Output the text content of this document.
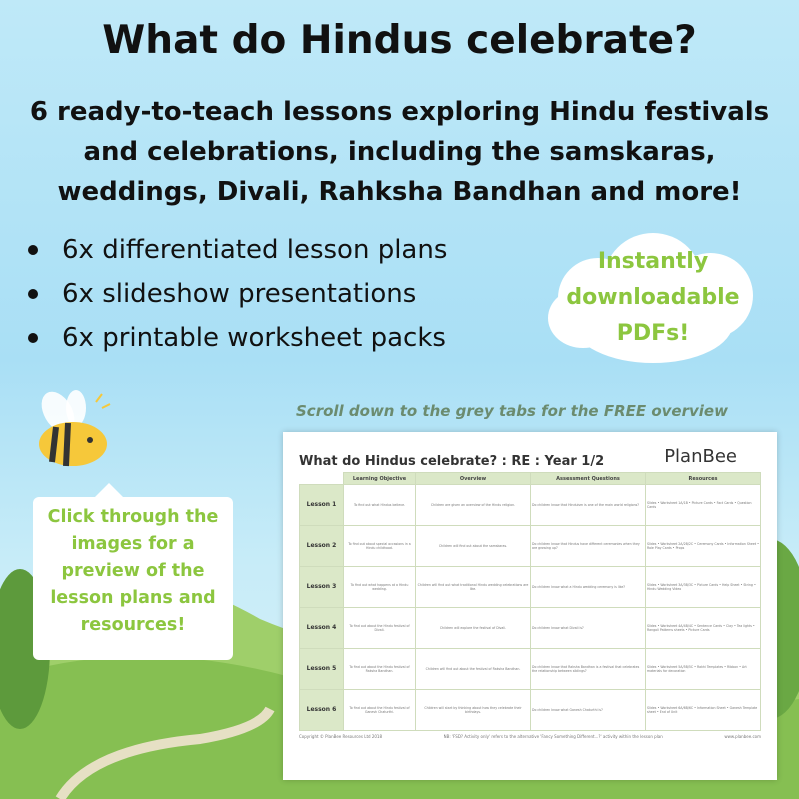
What do Hindus celebrate?
6 ready-to-teach lessons exploring Hindu festivals
and celebrations, including the samskaras,
weddings, Divali, Rahksha Bandhan and more!
6x differentiated lesson plans
6x slideshow presentations
6x printable worksheet packs
Instantly
downloadable
PDFs!
Scroll down to the grey tabs for the FREE overview
Click through the
images for a
preview of the
lesson plans and
resources!
What do Hindus celebrate? : RE : Year 1/2	PlanBee
	Learning Objective	Overview	Assessment Questions	Resources
Lesson 1	To find out what Hindus believe.	Children are given an overview of the Hindu religion.	Do children know that Hinduism is one of the main world religions?	Slides • Worksheet 1A/1B • Picture Cards • Fact Cards • Question Cards
Lesson 2	To find out about special occasions in a Hindu childhood.	Children will find out about the samskaras.	Do children know that Hindus have different ceremonies when they are growing up?	Slides • Worksheet 2A/2B/2C • Ceremony Cards • Information Sheet • Role Play Cards • Props
Lesson 3	To find out what happens at a Hindu wedding.	Children will find out what traditional Hindu wedding celebrations are like.	Do children know what a Hindu wedding ceremony is like?	Slides • Worksheet 3A/3B/3C • Picture Cards • Help Sheet • String • Hindu Wedding Video
Lesson 4	To find out about the Hindu festival of Divali.	Children will explore the festival of Divali.	Do children know what Divali is?	Slides • Worksheet 4A/4B/4C • Sentence Cards • Clay • Tea lights • Rangoli Patterns sheets • Picture Cards
Lesson 5	To find out about the Hindu festival of Raksha Bandhan.	Children will find out about the festival of Raksha Bandhan.	Do children know that Raksha Bandhan is a festival that celebrates the relationship between siblings?	Slides • Worksheet 5A/5B/5C • Rakhi Templates • Ribbon • Art materials for decoration
Lesson 6	To find out about the Hindu festival of Ganesh Chaturthi.	Children will start by thinking about how they celebrate their birthdays.	Do children know what Ganesh Chaturthi is?	Slides • Worksheet 6A/6B/6C • Information Sheet • Ganesh Template sheet • End of Unit
Copyright © PlanBee Resources Ltd 2018	NB: 'FSD? Activity only' refers to the alternative 'Fancy Something Different...?' activity within the lesson plan	www.planbee.com
